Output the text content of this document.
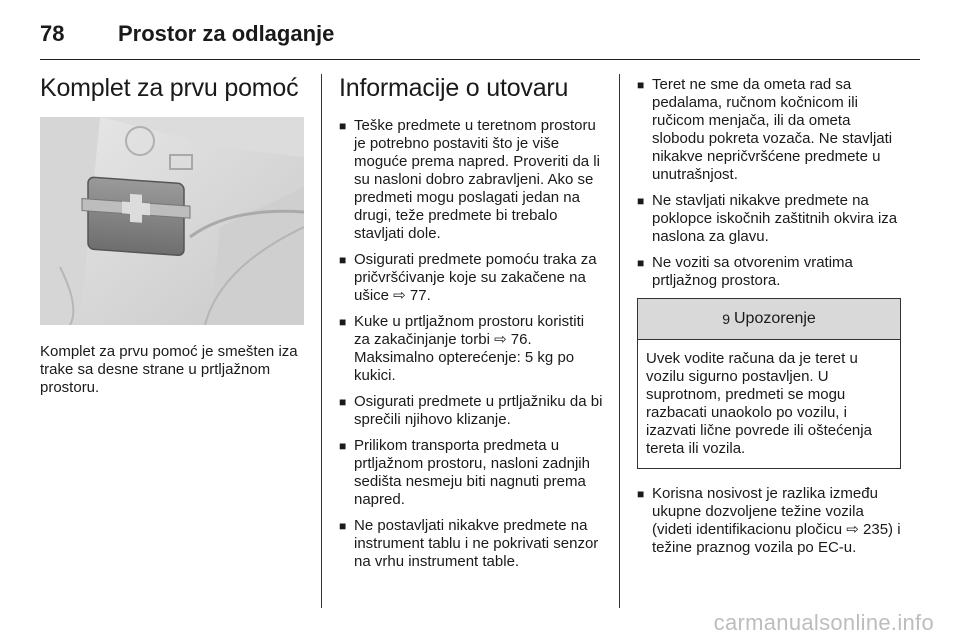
78	Prostor za odlaganje
Komplet za prvu pomoć

Komplet za prvu pomoć je smešten iza trake sa desne strane u prtljažnom prostoru.

Informacije o utovaru
■ Teške predmete u teretnom prostoru je potrebno postaviti što je više moguće prema napred. Proveriti da li su nasloni dobro zabravljeni. Ako se predmeti mogu poslagati jedan na drugi, teže predmete bi trebalo stavljati dole.
■ Osigurati predmete pomoću traka za pričvršćivanje koje su zakačene na ušice ⇨ 77.
■ Kuke u prtljažnom prostoru koristiti za zakačinjanje torbi ⇨ 76. Maksimalno opterećenje: 5 kg po kukici.
■ Osigurati predmete u prtljažniku da bi sprečili njihovo klizanje.
■ Prilikom transporta predmeta u prtljažnom prostoru, nasloni zadnjih sedišta nesmeju biti nagnuti prema napred.
■ Ne postavljati nikakve predmete na instrument tablu i ne pokrivati senzor na vrhu instrument table.
■ Teret ne sme da ometa rad sa pedalama, ručnom kočnicom ili ručicom menjača, ili da ometa slobodu pokreta vozača. Ne stavljati nikakve nepričvršćene predmete u unutrašnjost.
■ Ne stavljati nikakve predmete na poklopce iskočnih zaštitnih okvira iza naslona za glavu.
■ Ne voziti sa otvorenim vratima prtljažnog prostora.
9 Upozorenje
Uvek vodite računa da je teret u vozilu sigurno postavljen. U suprotnom, predmeti se mogu razbacati unaokolo po vozilu, i izazvati lične povrede ili oštećenja tereta ili vozila.
■ Korisna nosivost je razlika između ukupne dozvoljene težine vozila (videti identifikacionu pločicu ⇨ 235) i težine praznog vozila po EC-u.
carmanualsonline.info
